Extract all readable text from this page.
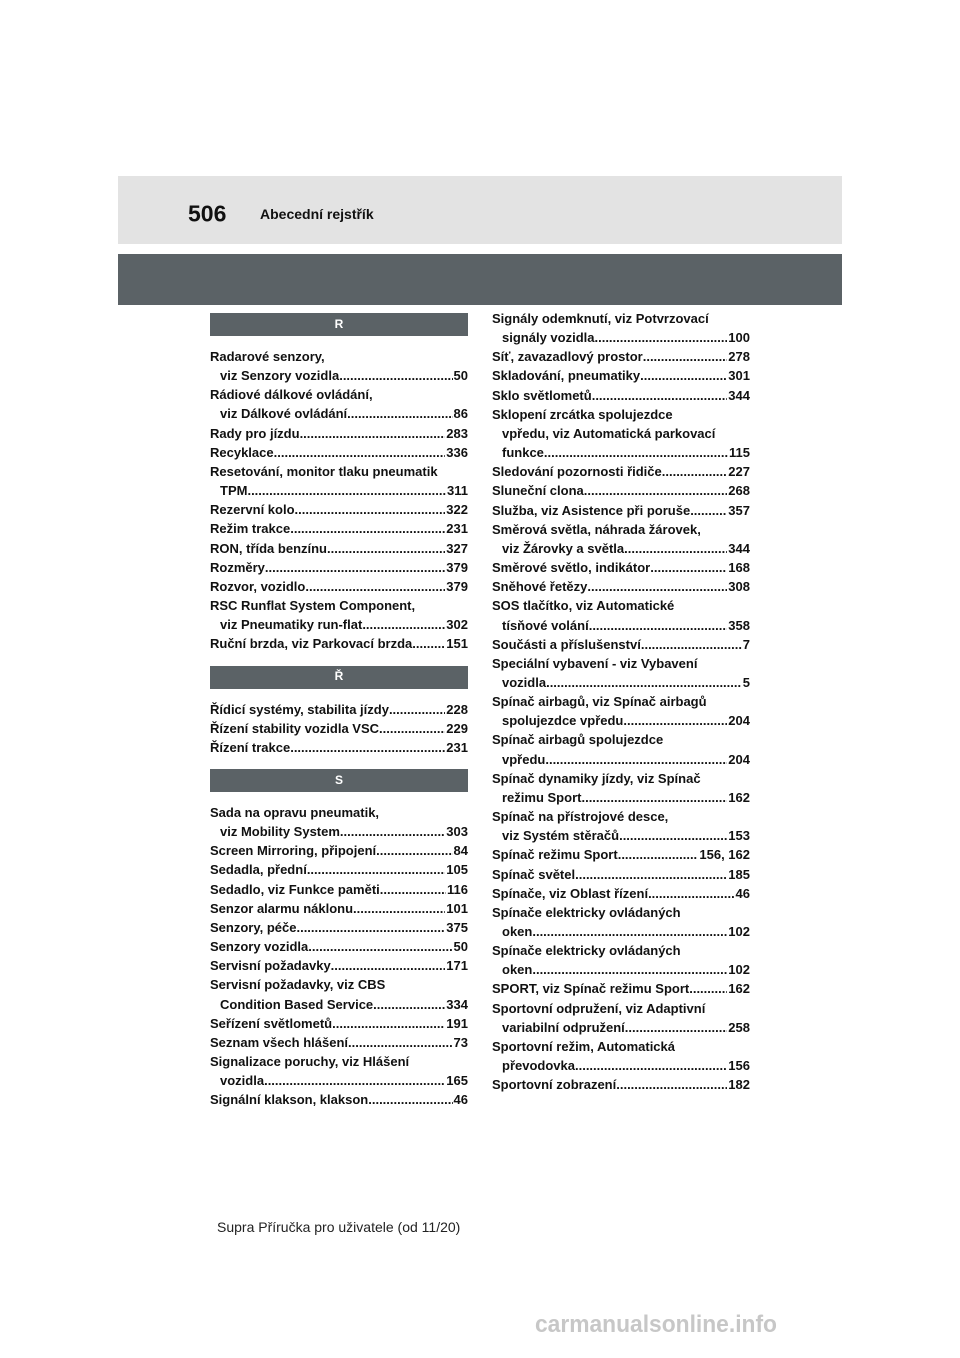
506 Abecední rejstřík
R
Radarové senzory,
viz Senzory vozidla .....	50
Rádiové dálkové ovládání,
viz Dálkové ovládání .....	86
Rady pro jízdu .....	283
Recyklace .....	336
Resetování, monitor tlaku pneumatik
TPM .....	311
Rezervní kolo .....	322
Režim trakce .....	231
RON, třída benzínu .....	327
Rozměry .....	379
Rozvor, vozidlo .....	379
RSC Runflat System Component,
viz Pneumatiky run-flat .....	302
Ruční brzda, viz Parkovací brzda .....	151
Ř
Řídicí systémy, stabilita jízdy .....	228
Řízení stability vozidla VSC .....	229
Řízení trakce .....	231
S
Sada na opravu pneumatik,
viz Mobility System .....	303
Screen Mirroring, připojení .....	84
Sedadla, přední .....	105
Sedadlo, viz Funkce paměti .....	116
Senzor alarmu náklonu .....	101
Senzory, péče .....	375
Senzory vozidla .....	50
Servisní požadavky .....	171
Servisní požadavky, viz CBS
Condition Based Service .....	334
Seřízení světlometů .....	191
Seznam všech hlášení .....	73
Signalizace poruchy, viz Hlášení
vozidla .....	165
Signální klakson, klakson .....	46
Signály odemknutí, viz Potvrzovací
signály vozidla .....	100
Síť, zavazadlový prostor .....	278
Skladování, pneumatiky .....	301
Sklo světlometů .....	344
Sklopení zrcátka spolujezdce
vpředu, viz Automatická parkovací
funkce .....	115
Sledování pozornosti řidiče .....	227
Sluneční clona .....	268
Služba, viz Asistence při poruše .....	357
Směrová světla, náhrada žárovek,
viz Žárovky a světla .....	344
Směrové světlo, indikátor .....	168
Sněhové řetězy .....	308
SOS tlačítko, viz Automatické
tísňové volání .....	358
Součásti a příslušenství .....	7
Speciální vybavení - viz Vybavení
vozidla .....	5
Spínač airbagů, viz Spínač airbagů
spolujezdce vpředu .....	204
Spínač airbagů spolujezdce
vpředu .....	204
Spínač dynamiky jízdy, viz Spínač
režimu Sport .....	162
Spínač na přístrojové desce,
viz Systém stěračů .....	153
Spínač režimu Sport .....	156, 162
Spínač světel .....	185
Spínače, viz Oblast řízení .....	46
Spínače elektricky ovládaných
oken .....	102
Spínače elektricky ovládaných
oken .....	102
SPORT, viz Spínač režimu Sport .....	162
Sportovní odpružení, viz Adaptivní
variabilní odpružení .....	258
Sportovní režim, Automatická
převodovka .....	156
Sportovní zobrazení .....	182
Supra Příručka pro uživatele (od 11/20)
carmanualsonline.info
